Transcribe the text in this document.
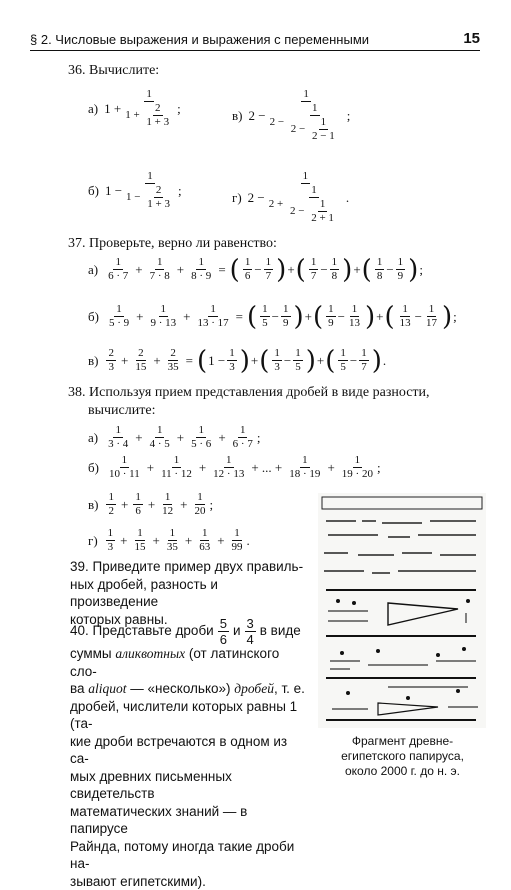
§ 2. Числовые выражения и выражения с переменными	15
36. Вычислите:
а) $1 + \frac{1}{1 + \frac{2}{1 + 3}}$ ;	в) $2 - \frac{1}{2 - \frac{1}{2 - \frac{1}{2 - 1}}}$ ;
б) $1 - \frac{1}{1 - \frac{2}{1 + 3}}$ ;	г) $2 - \frac{1}{2 + \frac{1}{2 - \frac{1}{2 + 1}}}$ .
37. Проверьте, верно ли равенство:
$а) \frac{1}{6 \cdot 7} + \frac{1}{7 \cdot 8} + \frac{1}{8 \cdot 9}$ = ( $\frac{1}{6} - \frac{1}{7}$ ) + ( $\frac{1}{7} - \frac{1}{8}$ ) + ( $\frac{1}{8} - \frac{1}{9}$ ) ;
$б) \frac{1}{5 \cdot 9} + \frac{1}{9 \cdot 13} + \frac{1}{13 \cdot 17}$ = ( $\frac{1}{5} - \frac{1}{9}$ ) + ( $\frac{1}{9} - \frac{1}{13}$ ) + ( $\frac{1}{13} - \frac{1}{17}$ ) ;
$в) \frac{2}{3} + \frac{2}{15} + \frac{2}{35}$ = ( $1 - \frac{1}{3}$ ) + ( $\frac{1}{3} - \frac{1}{5}$ ) + ( $\frac{1}{5} - \frac{1}{7}$ ) .
38. Используя прием представления дробей в виде разности,
вычислите:
$а) \frac{1}{3 \cdot 4} + \frac{1}{4 \cdot 5} + \frac{1}{5 \cdot 6} + \frac{1}{6 \cdot 7}$ ;
$б) \frac{1}{10 \cdot 11} + \frac{1}{11 \cdot 12} + \frac{1}{12 \cdot 13}$ + ... + $\frac{1}{18 \cdot 19} + \frac{1}{19 \cdot 20}$ ;
$в) \frac{1}{2} + \frac{1}{6} + \frac{1}{12} + \frac{1}{20}$ ;
$г) \frac{1}{3} + \frac{1}{15} + \frac{1}{35} + \frac{1}{63} + \frac{1}{99}$ .
39. Приведите пример двух правиль-
ных дробей, разность и произведение
которых равны.
40. Представьте дроби $\frac{5}{6}$ и $\frac{3}{4}$ в виде
суммы аликвотных (от латинского сло-
ва aliquot — «несколько») дробей, т. е.
дробей, числители которых равны 1 (та-
кие дроби встречаются в одном из са-
мых древних письменных свидетельств
математических знаний — в папирусе
Райнда, потому иногда такие дроби на-
зывают египетскими).
Фрагмент древне-
египетского папируса,
около 2000 г. до н. э.
